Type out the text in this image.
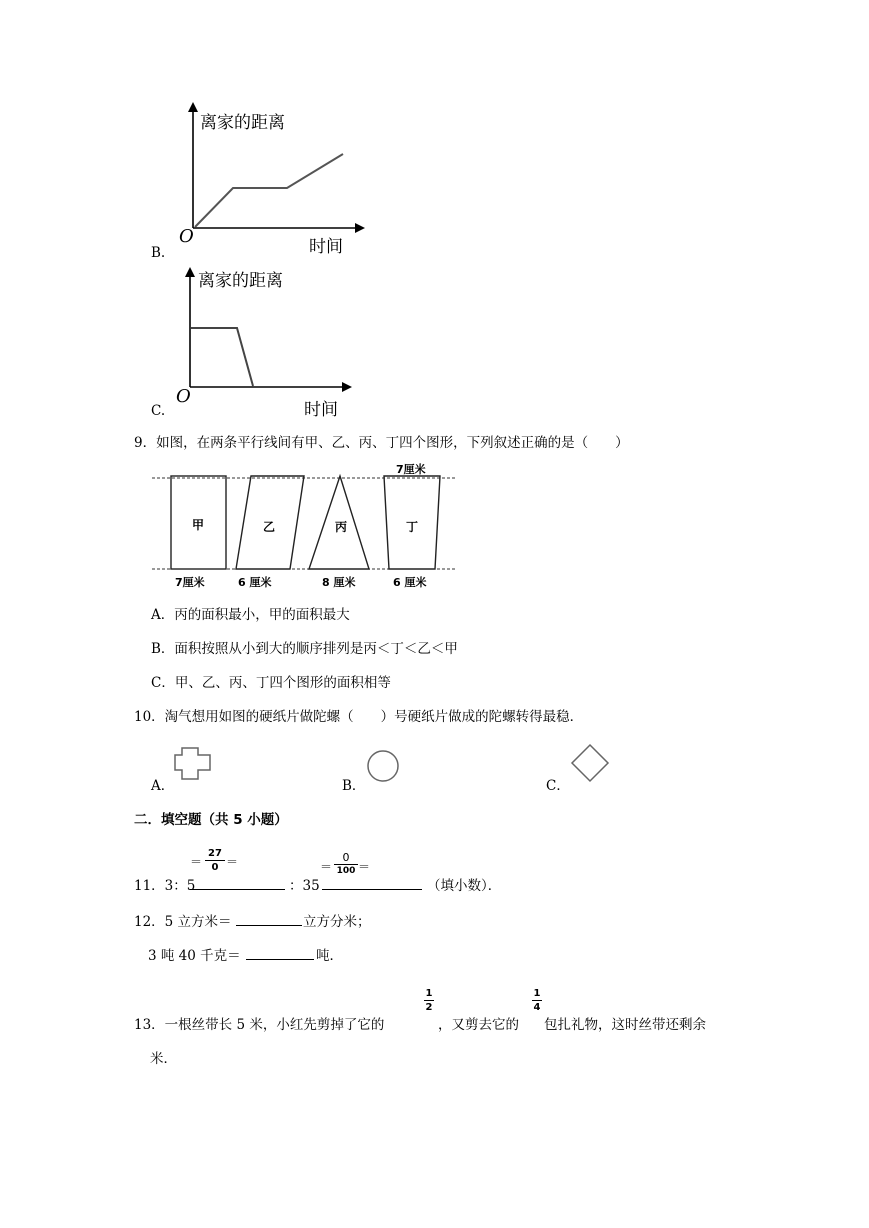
B.
离家的距离
时间
O
C.
离家的距离
时间
O
9．如图，在两条平行线间有甲、乙、丙、丁四个图形，下列叙述正确的是（　　）
甲	乙	丙	丁
7厘米
7厘米	6 厘米	8 厘米	6 厘米
A．丙的面积最小，甲的面积最大
B．面积按照从小到大的顺序排列是丙＜丁＜乙＜甲
C．甲、乙、丙、丁四个图形的面积相等
10．淘气想用如图的硬纸片做陀螺（　　）号硬纸片做成的陀螺转得最稳．
A．	B．	C．
二．填空题（共 5 小题）
11．3：5
＝
27
0 ＝
：35
＝
0
100 ＝
（填小数）．
12．5 立方米＝	立方分米；
3 吨 40 千克＝	吨．
13．一根丝带长 5 米，小红先剪掉了它的
1
2
，又剪去它的
1
4
包扎礼物，这时丝带还剩余
米．
